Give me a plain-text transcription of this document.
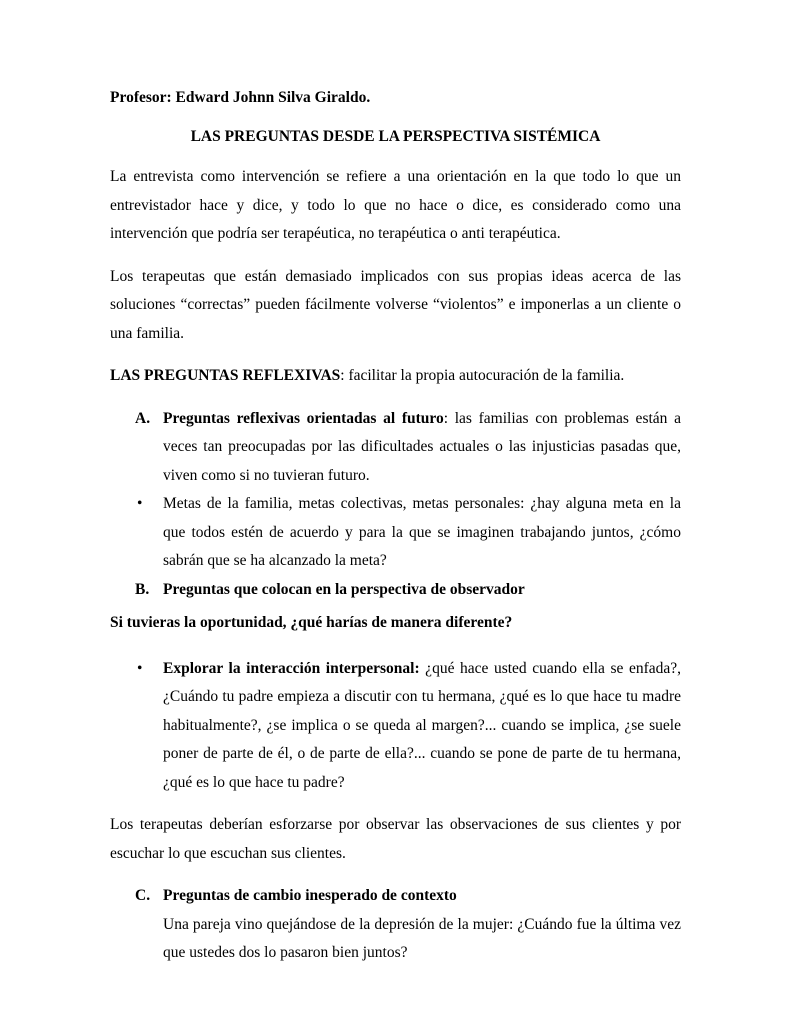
Profesor: Edward Johnn Silva Giraldo.

LAS PREGUNTAS DESDE LA PERSPECTIVA SISTÉMICA

La entrevista como intervención se refiere a una orientación en la que todo lo que un entrevistador hace y dice, y todo lo que no hace o dice, es considerado como una intervención que podría ser terapéutica, no terapéutica o anti terapéutica.

Los terapeutas que están demasiado implicados con sus propias ideas acerca de las soluciones “correctas” pueden fácilmente volverse “violentos” e imponerlas a un cliente o una familia.

LAS PREGUNTAS REFLEXIVAS: facilitar la propia autocuración de la familia.

A. Preguntas reflexivas orientadas al futuro: las familias con problemas están a veces tan preocupadas por las dificultades actuales o las injusticias pasadas que, viven como si no tuvieran futuro.
• Metas de la familia, metas colectivas, metas personales: ¿hay alguna meta en la que todos estén de acuerdo y para la que se imaginen trabajando juntos, ¿cómo sabrán que se ha alcanzado la meta?
B. Preguntas que colocan en la perspectiva de observador

Si tuvieras la oportunidad, ¿qué harías de manera diferente?

• Explorar la interacción interpersonal: ¿qué hace usted cuando ella se enfada?, ¿Cuándo tu padre empieza a discutir con tu hermana, ¿qué es lo que hace tu madre habitualmente?, ¿se implica o se queda al margen?... cuando se implica, ¿se suele poner de parte de él, o de parte de ella?... cuando se pone de parte de tu hermana, ¿qué es lo que hace tu padre?

Los terapeutas deberían esforzarse por observar las observaciones de sus clientes y por escuchar lo que escuchan sus clientes.

C. Preguntas de cambio inesperado de contexto
Una pareja vino quejándose de la depresión de la mujer: ¿Cuándo fue la última vez que ustedes dos lo pasaron bien juntos?
